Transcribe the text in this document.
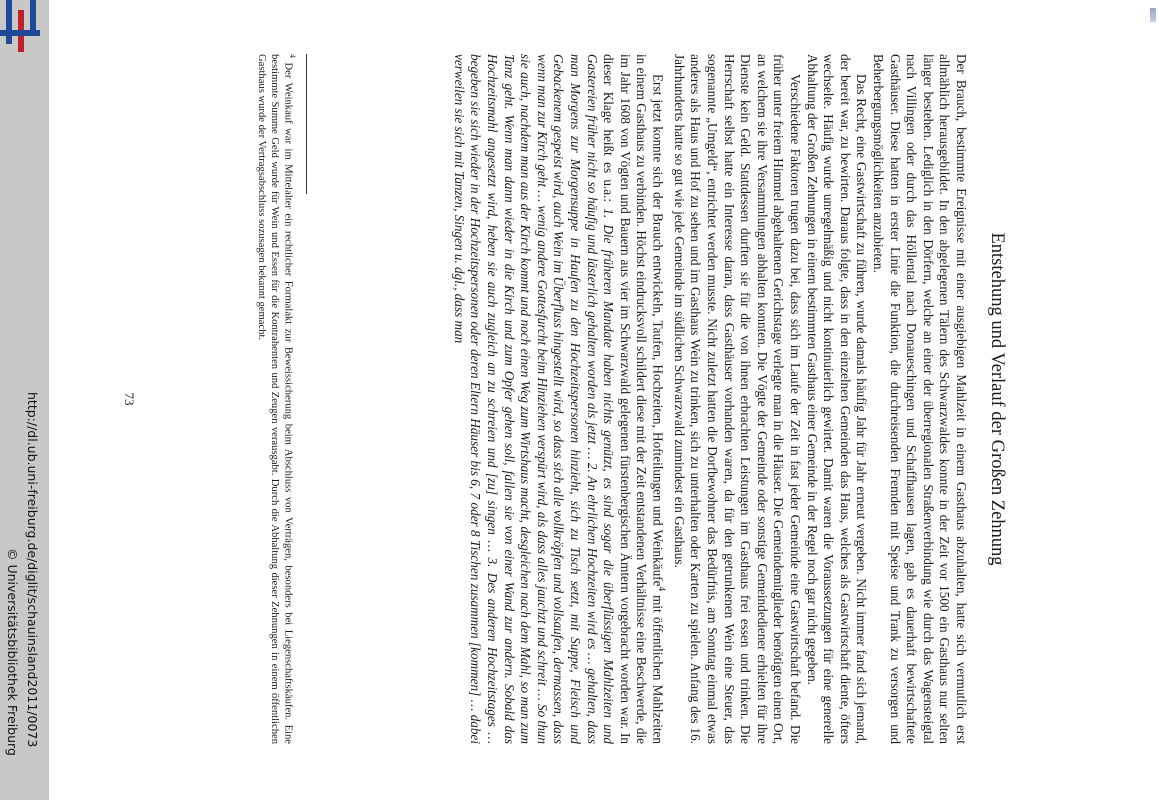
http://dl.ub.uni-freiburg.de/diglit/schauinsland2011/0073
© Universitätsbibliothek Freiburg
Entstehung und Verlauf der Großen Zehnung

Der Brauch, bestimmte Ereignisse mit einer ausgiebigen Mahlzeit in einem Gasthaus abzuhalten, hatte sich vermutlich erst allmählich herausgebildet. In den abgelegenen Tälern des Schwarzwaldes konnte in der Zeit vor 1500 ein Gasthaus nur selten länger bestehen. Lediglich in den Dörfern, welche an einer der überregionalen Straßenverbindung wie durch das Wagensteigtal nach Villingen oder durch das Höllental nach Donaueschingen und Schaffhausen lagen, gab es dauerhaft bewirtschaftete Gasthäuser. Diese hatten in erster Linie die Funktion, die durchreisenden Fremden mit Speise und Trank zu versorgen und Beherbergungsmöglichkeiten anzubieten.

Das Recht, eine Gastwirtschaft zu führen, wurde damals häufig Jahr für Jahr erneut vergeben. Nicht immer fand sich jemand, der bereit war, zu bewirten. Daraus folgte, dass in den einzelnen Gemeinden das Haus, welches als Gastwirtschaft diente, öfters wechselte. Häufig wurde unregelmäßig und nicht kontinuierlich gewirtet. Damit waren die Voraussetzungen für eine generelle Abhaltung der Großen Zehnungen in einem bestimmten Gasthaus einer Gemeinde in der Regel noch gar nicht gegeben.

Verschiedene Faktoren trugen dazu bei, dass sich im Laufe der Zeit in fast jeder Gemeinde eine Gastwirtschaft befand. Die früher unter freiem Himmel abgehaltenen Gerichtstage verlegte man in die Häuser. Die Gemeindemitglieder benötigten einen Ort, an welchem sie ihre Versammlungen abhalten konnten. Die Vögte der Gemeinde oder sonstige Gemeindediener erhielten für ihre Dienste kein Geld. Stattdessen durften sie für die von ihnen erbrachten Leistungen im Gasthaus frei essen und trinken. Die Herrschaft selbst hatte ein Interesse daran, dass Gasthäuser vorhanden waren, da für den getrunkenen Wein eine Steuer, das sogenannte „Umgeld“, entrichtet werden musste. Nicht zuletzt hatten die Dorfbewohner das Bedürfnis, am Sonntag einmal etwas anderes als Haus und Hof zu sehen und im Gasthaus Wein zu trinken, sich zu unterhalten oder Karten zu spielen. Anfang des 16. Jahrhunderts hatte so gut wie jede Gemeinde im südlichen Schwarzwald zumindest ein Gasthaus.

Erst jetzt konnte sich der Brauch entwickeln, Taufen, Hochzeiten, Hofteilungen und Weinkäufe$^4$ mit öffentlichen Mahlzeiten in einem Gasthaus zu verbinden. Höchst eindrucksvoll schildert diese mit der Zeit entstandenen Verhältnisse eine Beschwerde, die im Jahr 1608 von Vögten und Bauern aus vier im Schwarzwald gelegenen fürstenbergischen Ämtern vorgebracht worden war. In dieser Klage heißt es u.a.: 1. Die früheren Mandate haben nichts genützt, es sind sogar die überflüssigen Mahlzeiten und Gastereien früher nicht so häufig und lästerlich gehalten worden als jetzt … 2. An ehrlichen Hochzeiten wird es … gehalten, dass man Morgens zur Morgensuppe in Haufen zu den Hochzeitspersonen hinzieht, sich zu Tisch setzt, mit Suppe, Fleisch und Gebackenem gespeist wird, auch Wein im Überfluss hingestellt wird, so dass sich alle vollkröpfen und vollsaufen, dermassen, dass wenn man zur Kirch geht … wenig andere Gottesfurcht beim Hinziehen verspürt wird, als dass alles jauchzt und schreit … So thun sie auch, nachdem man aus der Kirch kommt und noch einen Weg zum Wirtshaus macht, desgleichen nach dem Mahl, so man zum Tanz geht. Wenn man dann wieder in die Kirch und zum Opfer gehen soll, fallen sie von einer Wand zur andern. Sobald das Hochzeitsmahl angesetzt wird, heben sie auch zugleich an zu schreien und [zu] singen … 3. Des anderen Hochzeitstages … begeben sie sich wieder in der Hochzeitspersonen oder deren Eltern Häuser bis 6, 7 oder 8 Tischen zusammen [kommen] … dabei verweilen sie sich mit Tanzen, Singen u. dgl., dass man

$^4$ Der Weinkauf war im Mittelalter ein rechtlicher Formalakt zur Beweissicherung beim Abschluss von Verträgen, besonders bei Liegenschaftskäufen. Eine bestimmte Summe Geld wurde für Wein und Essen für die Kontrahenten und Zeugen verausgabt. Durch die Abhaltung dieser Zehnungen in einem öffentlichen Gasthaus wurde der Vertragsabschluss sozusagen bekannt gemacht.
73
